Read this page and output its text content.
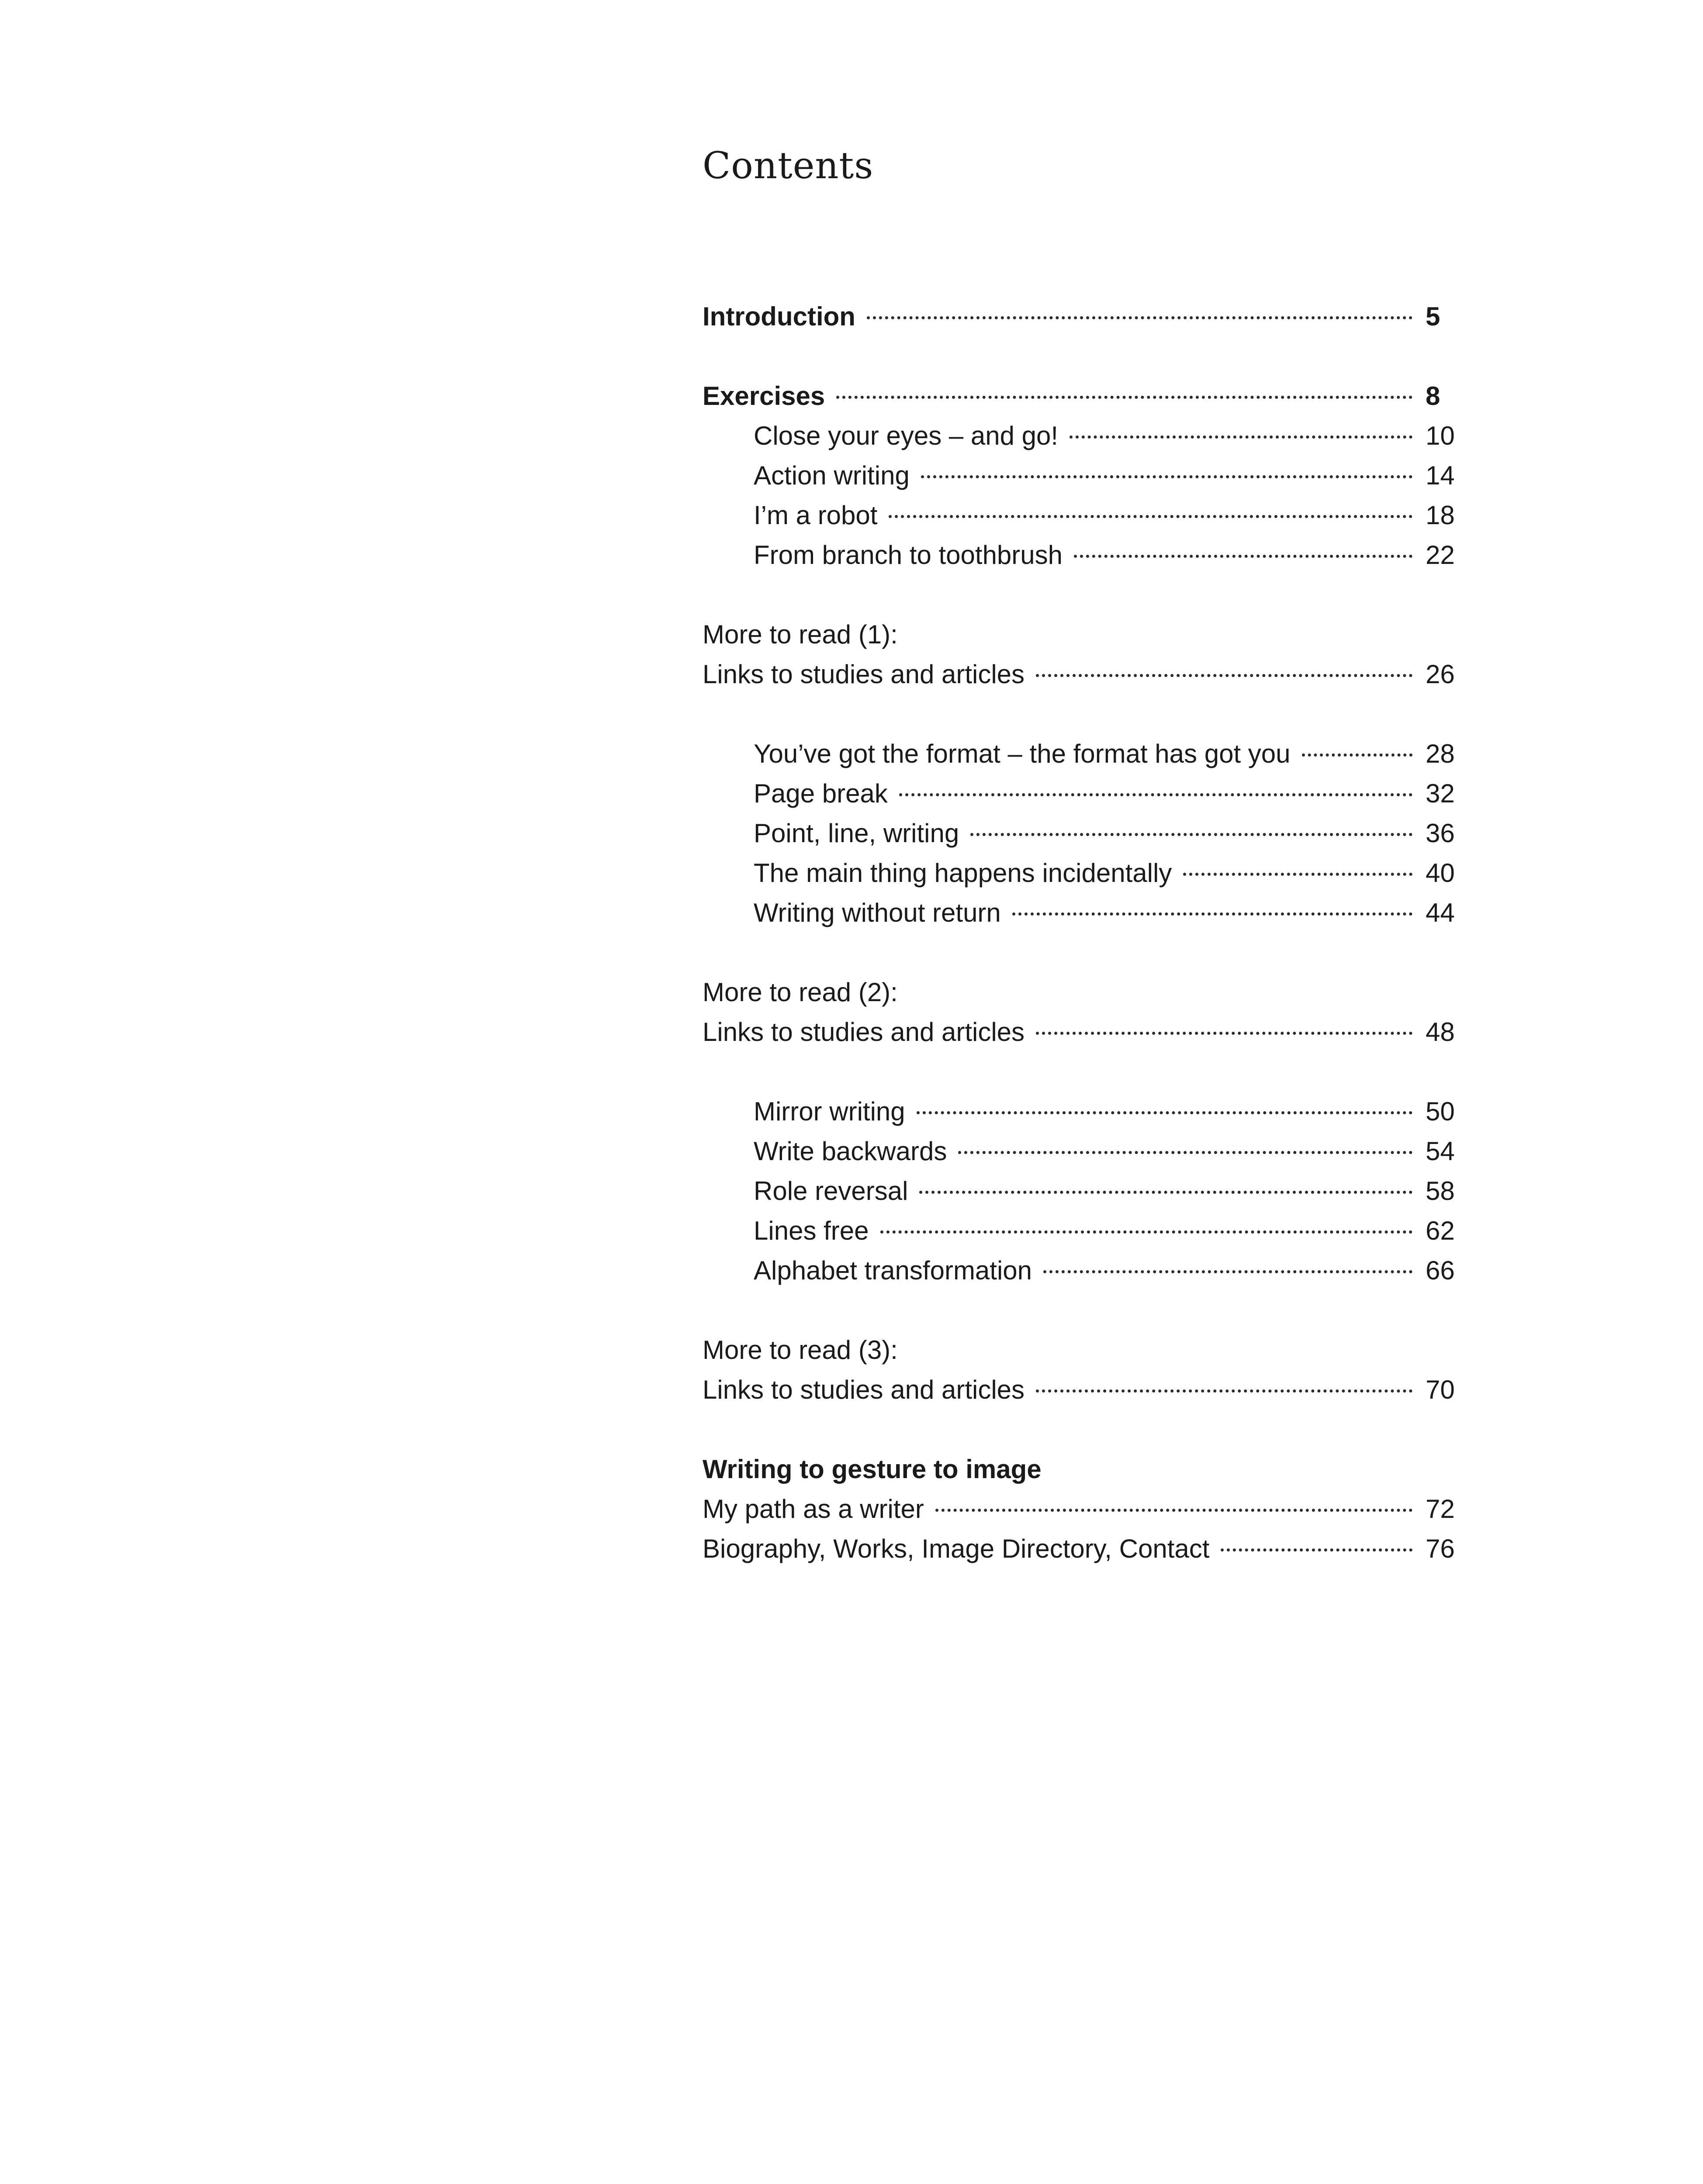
Contents
Introduction	5
Exercises	8
Close your eyes – and go!	10
Action writing	14
I’m a robot	18
From branch to toothbrush	22
More to read (1):
Links to studies and articles	26
You’ve got the format – the format has got you	28
Page break	32
Point, line, writing	36
The main thing happens incidentally	40
Writing without return	44
More to read (2):
Links to studies and articles	48
Mirror writing	50
Write backwards	54
Role reversal	58
Lines free	62
Alphabet transformation	66
More to read (3):
Links to studies and articles	70
Writing to gesture to image
My path as a writer	72
Biography, Works, Image Directory, Contact	76
